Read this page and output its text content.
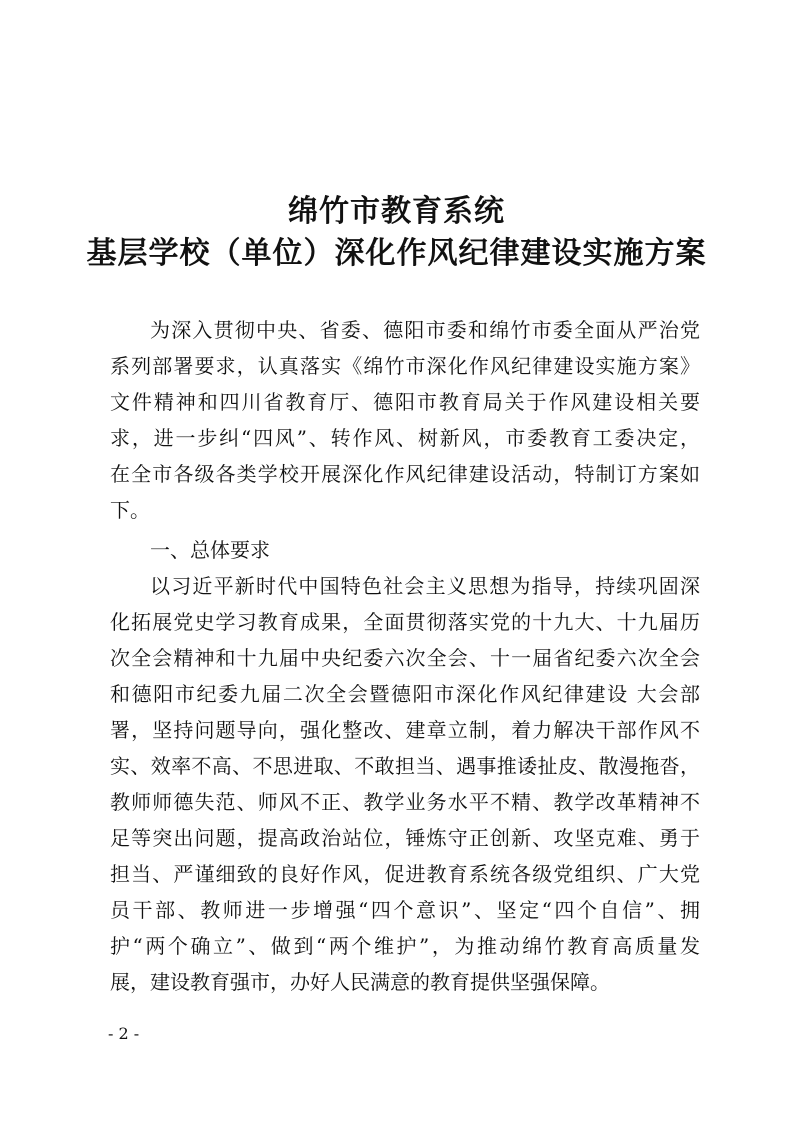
绵竹市教育系统
基层学校（单位）深化作风纪律建设实施方案
为深入贯彻中央、省委、德阳市委和绵竹市委全面从严治党
系列部署要求，认真落实《绵竹市深化作风纪律建设实施方案》
文件精神和四川省教育厅、德阳市教育局关于作风建设相关要
求，进一步纠“四风”、转作风、树新风，市委教育工委决定，
在全市各级各类学校开展深化作风纪律建设活动，特制订方案如
下。
一、总体要求
以习近平新时代中国特色社会主义思想为指导，持续巩固深
化拓展党史学习教育成果，全面贯彻落实党的十九大、十九届历
次全会精神和十九届中央纪委六次全会、十一届省纪委六次全会
和德阳市纪委九届二次全会暨德阳市深化作风纪律建设 大会部
署，坚持问题导向，强化整改、建章立制，着力解决干部作风不
实、效率不高、不思进取、不敢担当、遇事推诿扯皮、散漫拖沓，
教师师德失范、师风不正、教学业务水平不精、教学改革精神不
足等突出问题，提高政治站位，锤炼守正创新、攻坚克难、勇于
担当、严谨细致的良好作风，促进教育系统各级党组织、广大党
员干部、教师进一步增强“四个意识”、坚定“四个自信”、拥
护“两个确立”、做到“两个维护”，为推动绵竹教育高质量发
展，建设教育强市，办好人民满意的教育提供坚强保障。
- 2 -
